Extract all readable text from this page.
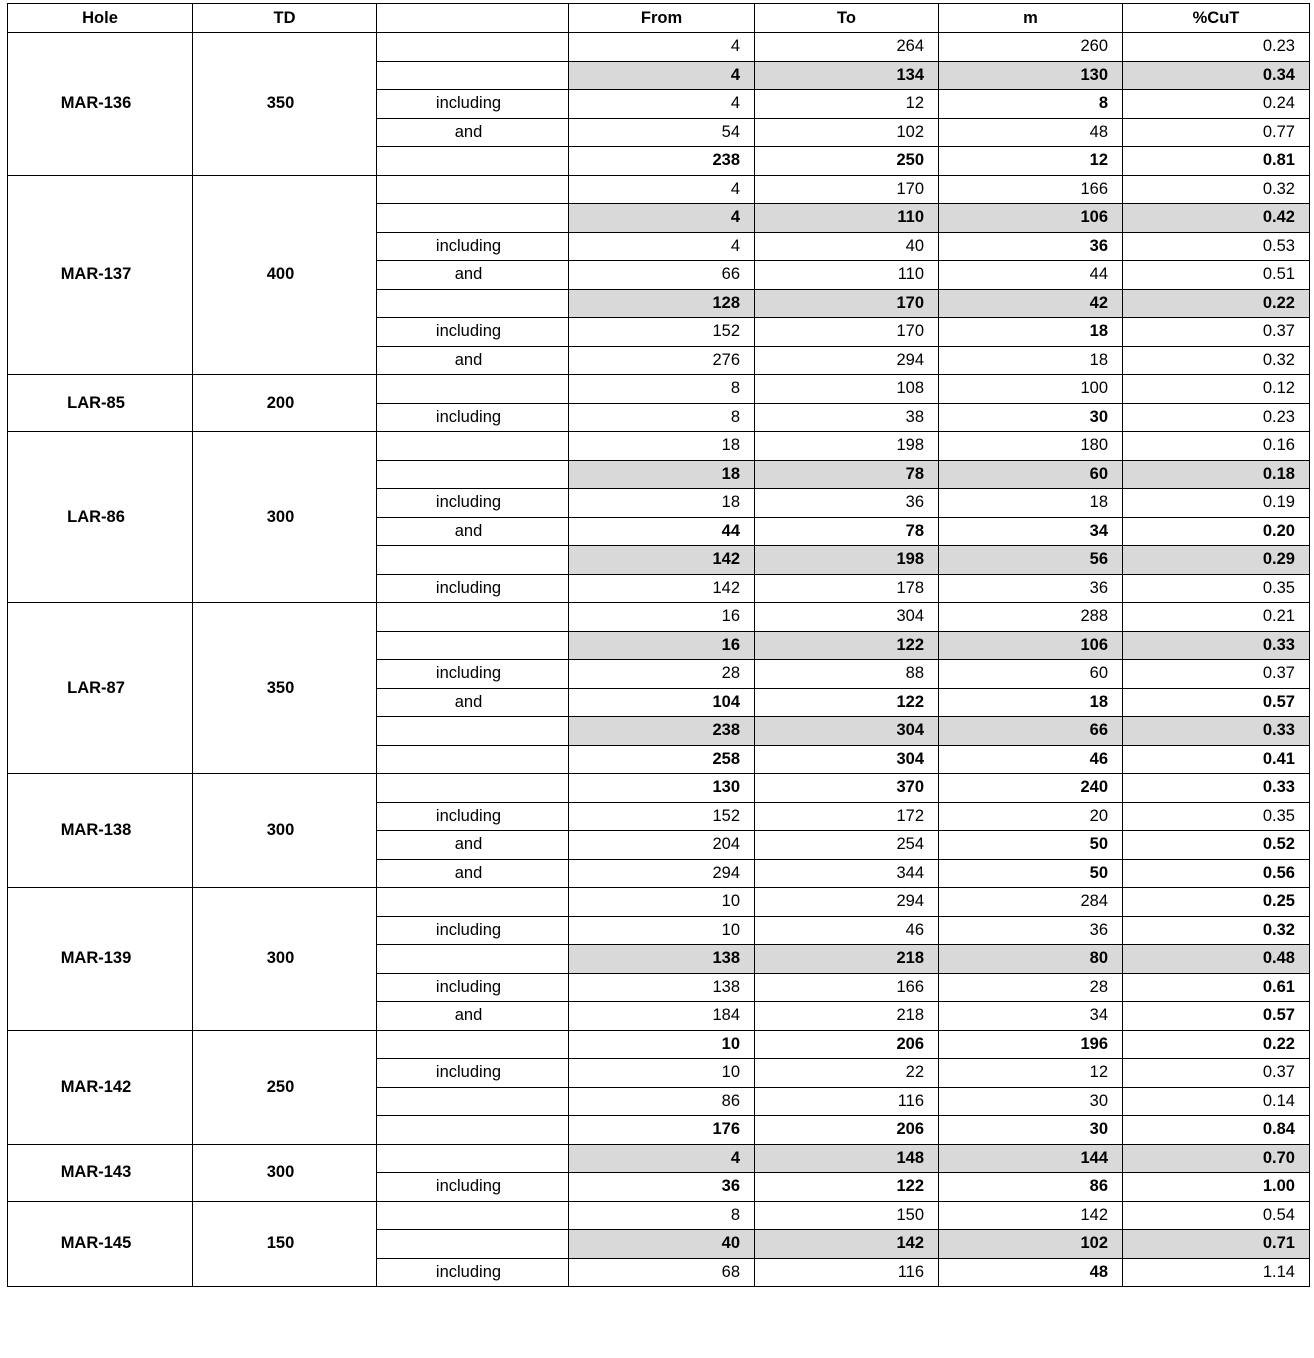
Hole	TD		From	To	m	%CuT
MAR-136	350		4	264	260	0.23
			4	134	130	0.34
		including	4	12	8	0.24
		and	54	102	48	0.77
			238	250	12	0.81
MAR-137	400		4	170	166	0.32
			4	110	106	0.42
		including	4	40	36	0.53
		and	66	110	44	0.51
			128	170	42	0.22
		including	152	170	18	0.37
		and	276	294	18	0.32
LAR-85	200		8	108	100	0.12
		including	8	38	30	0.23
LAR-86	300		18	198	180	0.16
			18	78	60	0.18
		including	18	36	18	0.19
		and	44	78	34	0.20
			142	198	56	0.29
		including	142	178	36	0.35
LAR-87	350		16	304	288	0.21
			16	122	106	0.33
		including	28	88	60	0.37
		and	104	122	18	0.57
			238	304	66	0.33
			258	304	46	0.41
MAR-138	300		130	370	240	0.33
		including	152	172	20	0.35
		and	204	254	50	0.52
		and	294	344	50	0.56
MAR-139	300		10	294	284	0.25
		including	10	46	36	0.32
			138	218	80	0.48
		including	138	166	28	0.61
		and	184	218	34	0.57
MAR-142	250		10	206	196	0.22
		including	10	22	12	0.37
			86	116	30	0.14
			176	206	30	0.84
MAR-143	300		4	148	144	0.70
		including	36	122	86	1.00
MAR-145	150		8	150	142	0.54
			40	142	102	0.71
		including	68	116	48	1.14
